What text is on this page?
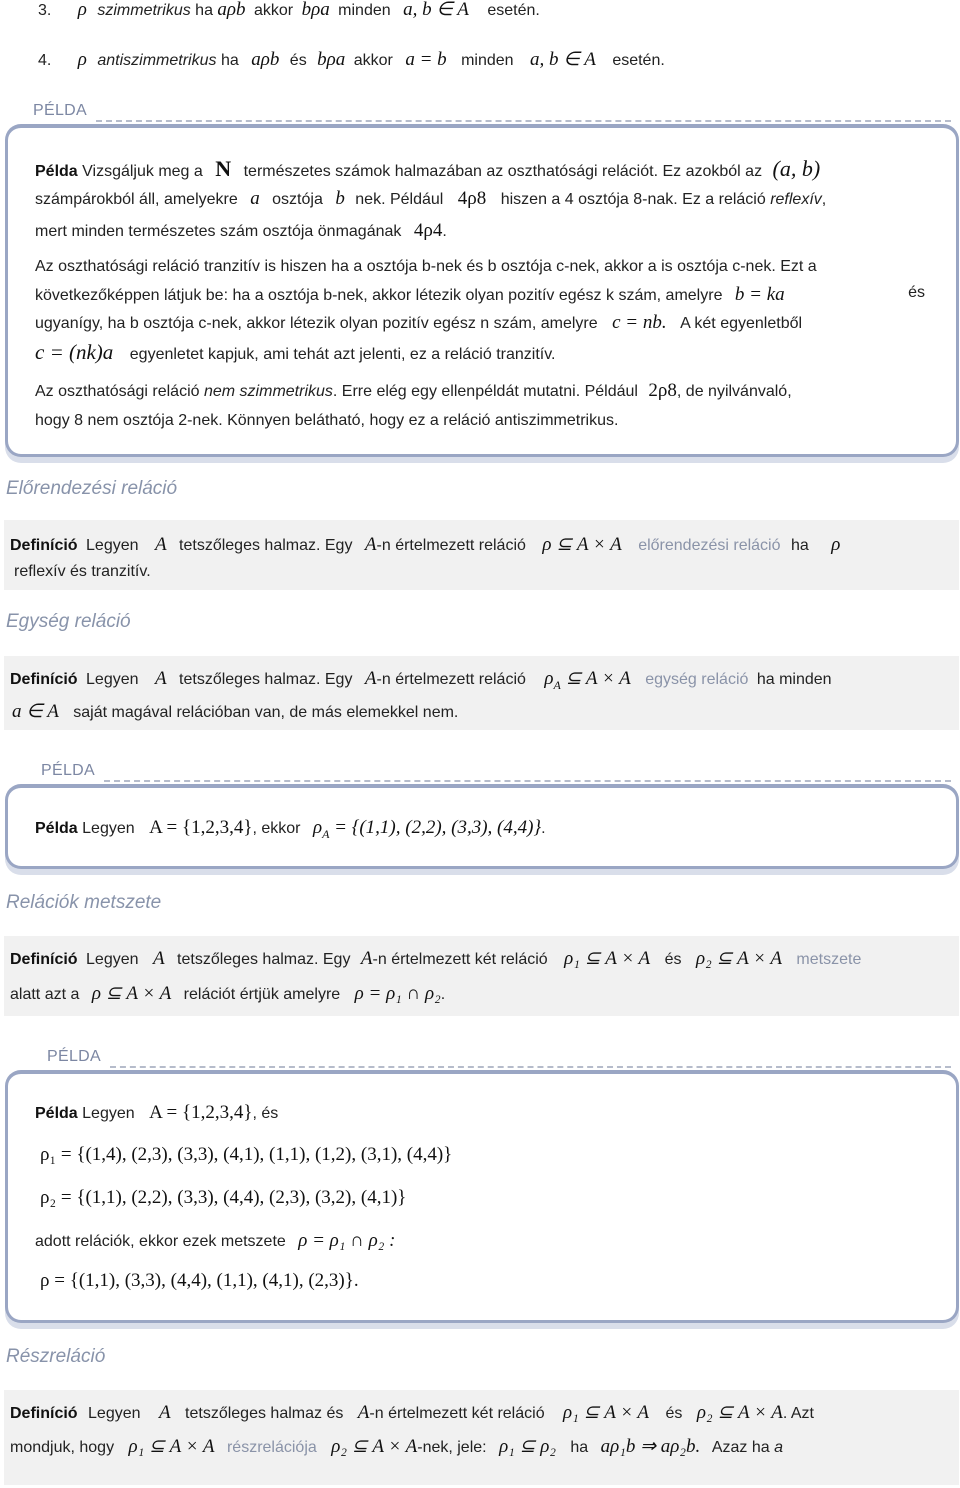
3. ρ szimmetrikus ha aρb akkor bρa minden a, b ∈ A esetén.
4. ρ antiszimmetrikus ha aρb és bρa akkor a = b minden a, b ∈ A esetén.
PÉLDA
Példa Vizsgáljuk meg a N természetes számok halmazában az oszthatósági relációt. Ez azokból az (a, b)
számpárokból áll, amelyekre a osztója b nek. Például 4ρ8 hiszen a 4 osztója 8-nak. Ez a reláció reflexív,
mert minden természetes szám osztója önmagának 4ρ4.
Az oszthatósági reláció tranzitív is hiszen ha a osztója b-nek és b osztója c-nek, akkor a is osztója c-nek. Ezt a
következőképpen látjuk be: ha a osztója b-nek, akkor létezik olyan pozitív egész k szám, amelyre b = ka	és
ugyanígy, ha b osztója c-nek, akkor létezik olyan pozitív egész n szám, amelyre c = nb. A két egyenletből
c = (nk)a egyenletet kapjuk, ami tehát azt jelenti, ez a reláció tranzitív.
Az oszthatósági reláció nem szimmetrikus. Erre elég egy ellenpéldát mutatni. Például 2ρ8, de nyilvánvaló,
hogy 8 nem osztója 2-nek. Könnyen belátható, hogy ez a reláció antiszimmetrikus.
Előrendezési reláció
Definíció Legyen A tetszőleges halmaz. Egy A-n értelmezett reláció ρ ⊆ A × A előrendezési reláció ha ρ
reflexív és tranzitív.
Egység reláció
Definíció Legyen A tetszőleges halmaz. Egy A-n értelmezett reláció $\rho_A$ ⊆ A × A egység reláció ha minden
a ∈ A saját magával relációban van, de más elemekkel nem.
PÉLDA
Példa Legyen A = {1,2,3,4}, ekkor $\rho_A = \{(1,1)$, (2,2), (3,3), (4,4)}.
Relációk metszete
Definíció Legyen A tetszőleges halmaz. Egy A-n értelmezett két reláció ρ₁ ⊆ A × A és ρ₂ ⊆ A × A metszete
alatt azt a ρ ⊆ A × A relációt értjük amelyre ρ = ρ₁ ∩ ρ₂.
PÉLDA
Példa Legyen A = {1,2,3,4}, és
ρ₁ = {(1,4), (2,3), (3,3), (4,1), (1,1), (1,2), (3,1), (4,4)}
ρ₂ = {(1,1), (2,2), (3,3), (4,4), (2,3), (3,2), (4,1)}
adott relációk, ekkor ezek metszete ρ = ρ₁ ∩ ρ₂ :
ρ = {(1,1), (3,3), (4,4), (1,1), (4,1), (2,3)}.
Részreláció
Definíció Legyen A tetszőleges halmaz és A-n értelmezett két reláció ρ₁ ⊆ A × A és ρ₂ ⊆ A × A. Azt
mondjuk, hogy ρ₁ ⊆ A × A részrelációja ρ₂ ⊆ A × A-nek, jele: ρ₁ ⊆ ρ₂ ha aρ₁b ⇒ aρ₂b. Azaz ha a
